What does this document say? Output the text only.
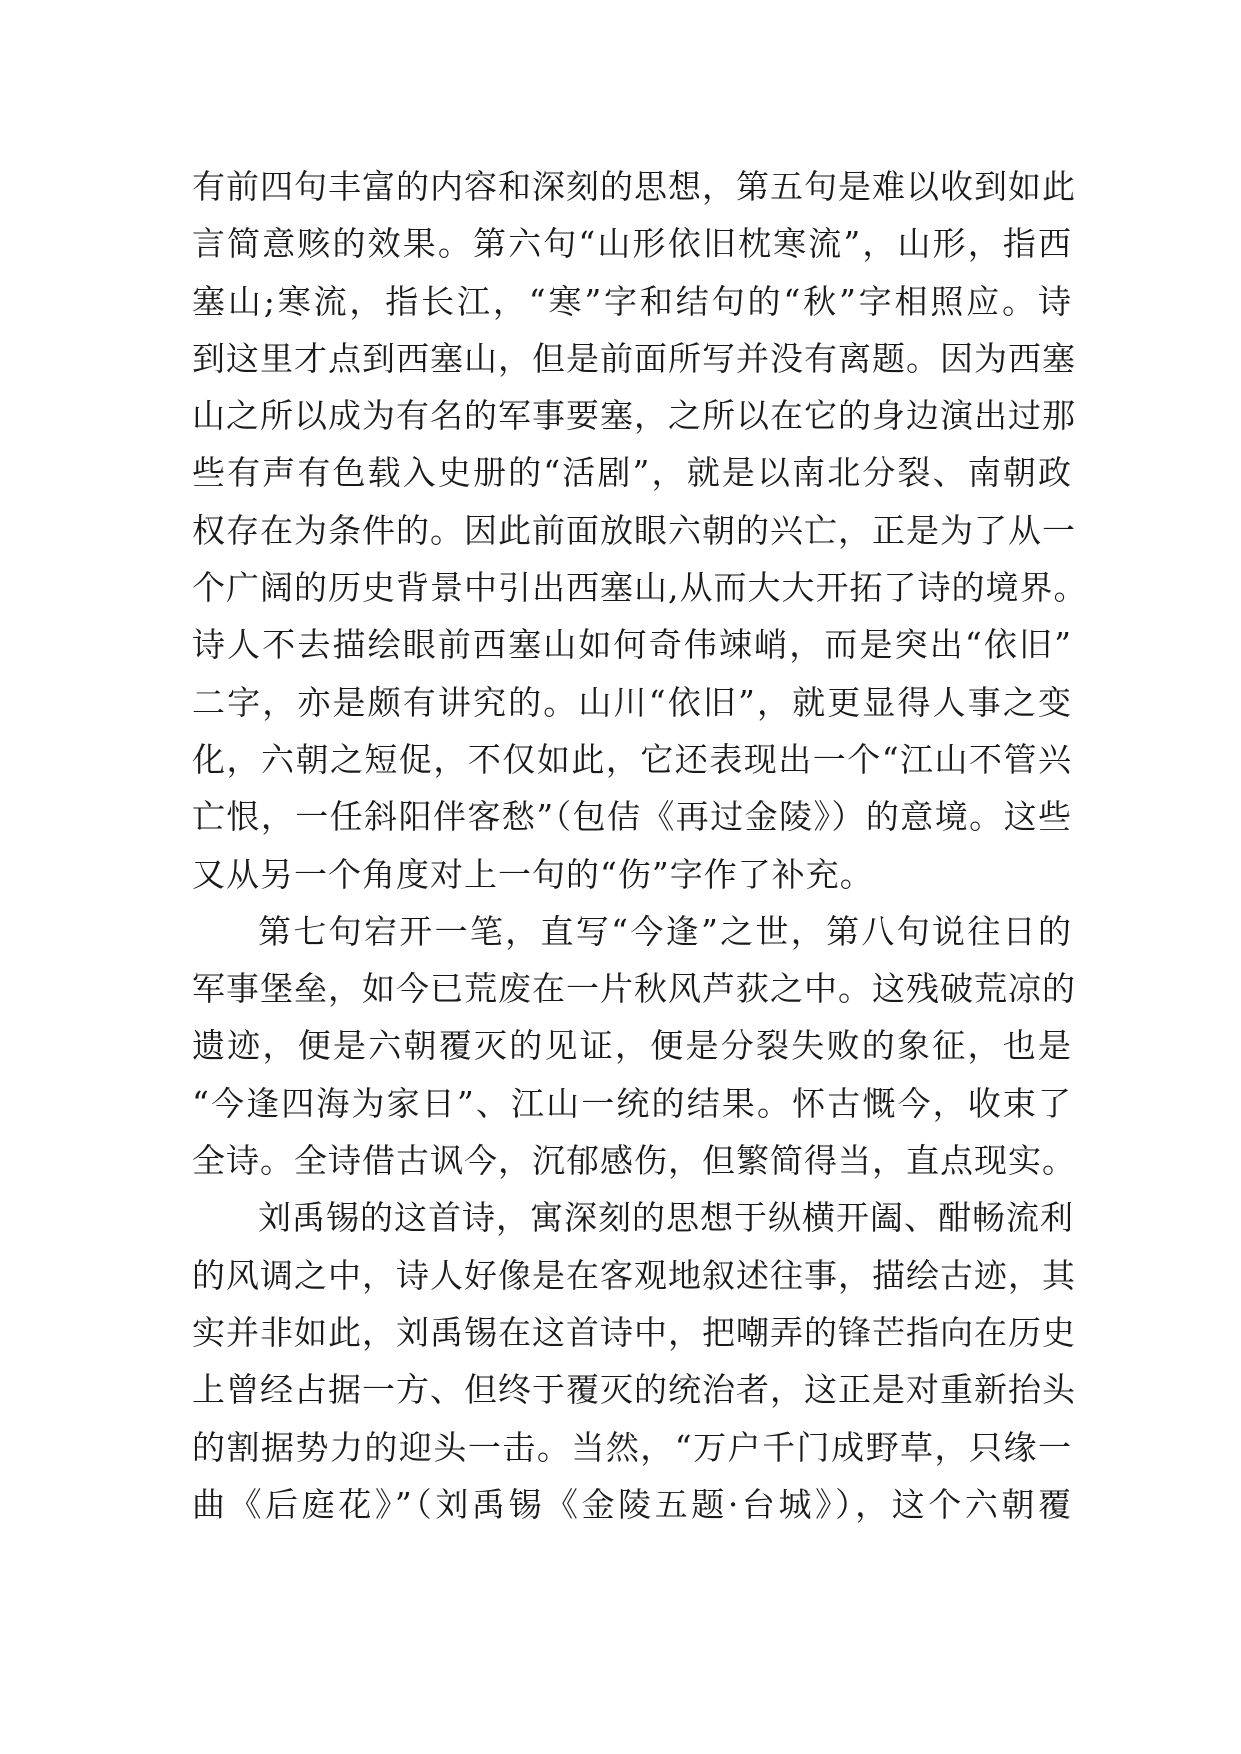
有前四句丰富的内容和深刻的思想，第五句是难以收到如此
言简意赅的效果。第六句“山形依旧枕寒流”，山形，指西
塞山;寒流，指长江，“寒”字和结句的“秋”字相照应。诗
到这里才点到西塞山，但是前面所写并没有离题。因为西塞
山之所以成为有名的军事要塞，之所以在它的身边演出过那
些有声有色载入史册的“活剧”，就是以南北分裂、南朝政
权存在为条件的。因此前面放眼六朝的兴亡，正是为了从一
个广阔的历史背景中引出西塞山,从而大大开拓了诗的境界。
诗人不去描绘眼前西塞山如何奇伟竦峭，而是突出“依旧”
二字，亦是颇有讲究的。山川“依旧”，就更显得人事之变
化，六朝之短促，不仅如此，它还表现出一个“江山不管兴
亡恨，一任斜阳伴客愁”（包佶《再过金陵》）的意境。这些
又从另一个角度对上一句的“伤”字作了补充。
第七句宕开一笔，直写“今逢”之世，第八句说往日的
军事堡垒，如今已荒废在一片秋风芦荻之中。这残破荒凉的
遗迹，便是六朝覆灭的见证，便是分裂失败的象征，也是
“今逢四海为家日”、江山一统的结果。怀古慨今，收束了
全诗。全诗借古讽今，沉郁感伤，但繁简得当，直点现实。
刘禹锡的这首诗，寓深刻的思想于纵横开阖、酣畅流利
的风调之中，诗人好像是在客观地叙述往事，描绘古迹，其
实并非如此，刘禹锡在这首诗中，把嘲弄的锋芒指向在历史
上曾经占据一方、但终于覆灭的统治者，这正是对重新抬头
的割据势力的迎头一击。当然，“万户千门成野草，只缘一
曲《后庭花》”（刘禹锡《金陵五题·台城》），这个六朝覆
